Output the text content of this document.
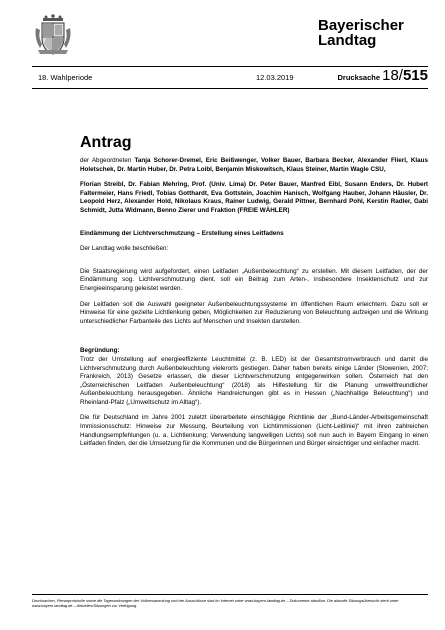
Bayerischer
Landtag
18. Wahlperiode	12.03.2019	Drucksache 18/515
Antrag

der Abgeordneten Tanja Schorer-Dremel, Eric Beißwenger, Volker Bauer, Barbara Becker, Alexander Flierl, Klaus Holetschek, Dr. Martin Huber, Dr. Petra Loibl, Benjamin Miskowitsch, Klaus Steiner, Martin Wagle CSU,

Florian Streibl, Dr. Fabian Mehring, Prof. (Univ. Lima) Dr. Peter Bauer, Manfred Eibl, Susann Enders, Dr. Hubert Faltermeier, Hans Friedl, Tobias Gotthardt, Eva Gottstein, Joachim Hanisch, Wolfgang Hauber, Johann Häusler, Dr. Leopold Herz, Alexander Hold, Nikolaus Kraus, Rainer Ludwig, Gerald Pittner, Bernhard Pohl, Kerstin Radler, Gabi Schmidt, Jutta Widmann, Benno Zierer und Fraktion (FREIE WÄHLER)

Eindämmung der Lichtverschmutzung – Erstellung eines Leitfadens

Der Landtag wolle beschließen:

Die Staatsregierung wird aufgefordert, einen Leitfaden „Außenbeleuchtung“ zu erstellen. Mit diesem Leitfaden, der der Eindämmung sog. Lichtverschmutzung dient, soll ein Beitrag zum Arten-, insbesondere Insektenschutz und zur Energieeinsparung geleistet werden.

Der Leitfaden soll die Auswahl geeigneter Außenbeleuchtungssysteme im öffentlichen Raum erleichtern. Dazu soll er Hinweise für eine gezielte Lichtlenkung geben, Möglichkeiten zur Reduzierung von Beleuchtung aufzeigen und die Wirkung unterschiedlicher Farbanteile des Lichts auf Menschen und Insekten darstellen.

Begründung:

Trotz der Umstellung auf energieeffiziente Leuchtmittel (z. B. LED) ist der Gesamtstromverbrauch und damit die Lichtverschmutzung durch Außenbeleuchtung vielerorts gestiegen. Daher haben bereits einige Länder (Slowenien, 2007; Frankreich, 2013) Gesetze erlassen, die dieser Lichtverschmutzung entgegenwirken sollen. Österreich hat den „Österreichischen Leitfaden Außenbeleuchtung“ (2018) als Hilfestellung für die Planung umweltfreundlicher Außenbeleuchtung herausgegeben. Ähnliche Handreichungen gibt es in Hessen („Nachhaltige Beleuchtung“) und Rheinland-Pfalz („Umweltschutz im Alltag“).

Die für Deutschland im Jahre 2001 zuletzt überarbeitete einschlägige Richtlinie der „Bund-Länder-Arbeitsgemeinschaft Immissionsschutz: Hinweise zur Messung, Beurteilung von Lichtimmissionen (Licht-Leitlinie)“ mit ihren zahlreichen Handlungsempfehlungen (u. a. Lichtlenkung; Verwendung langwelligen Lichts) soll nun auch in Bayern Eingang in einen Leitfaden finden, der die Umsetzung für die Kommunen und die Bürgerinnen und Bürger einsichtiger und einfacher macht.

Drucksachen, Plenarprotokolle sowie die Tagesordnungen der Vollversammlung und der Ausschüsse sind im Internet unter www.bayern.landtag.de – Dokumente abrufbar. Die aktuelle Sitzungsübersicht steht unter www.bayern.landtag.de – Aktuelles/Sitzungen zur Verfügung.
